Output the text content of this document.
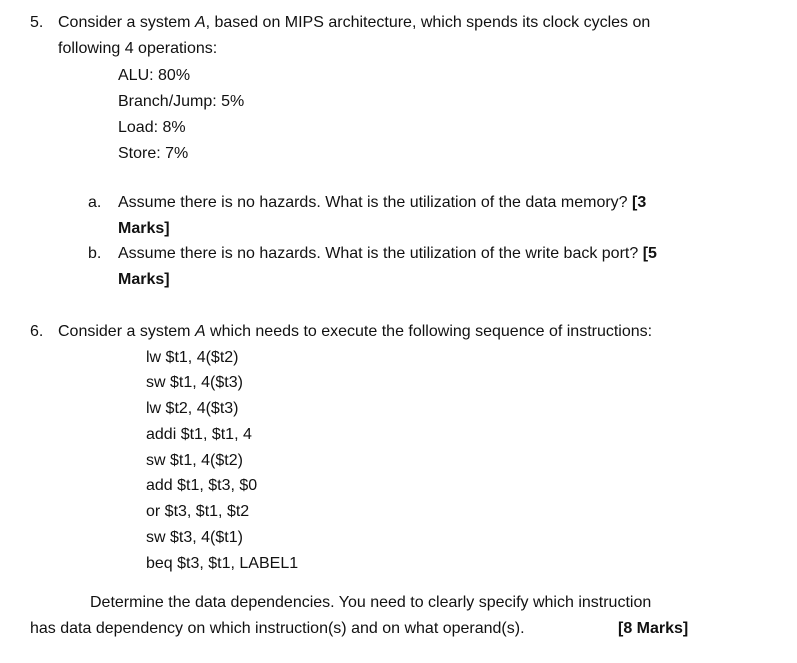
5. Consider a system A, based on MIPS architecture, which spends its clock cycles on
following 4 operations:
ALU: 80%
Branch/Jump: 5%
Load: 8%
Store: 7%
a. Assume there is no hazards. What is the utilization of the data memory? [3
Marks]
b. Assume there is no hazards. What is the utilization of the write back port? [5
Marks]
6. Consider a system A which needs to execute the following sequence of instructions:
lw $t1, 4($t2)
sw $t1, 4($t3)
lw $t2, 4($t3)
addi $t1, $t1, 4
sw $t1, 4($t2)
add $t1, $t3, $0
or $t3, $t1, $t2
sw $t3, 4($t1)
beq $t3, $t1, LABEL1
Determine the data dependencies. You need to clearly specify which instruction
has data dependency on which instruction(s) and on what operand(s).	[8 Marks]
